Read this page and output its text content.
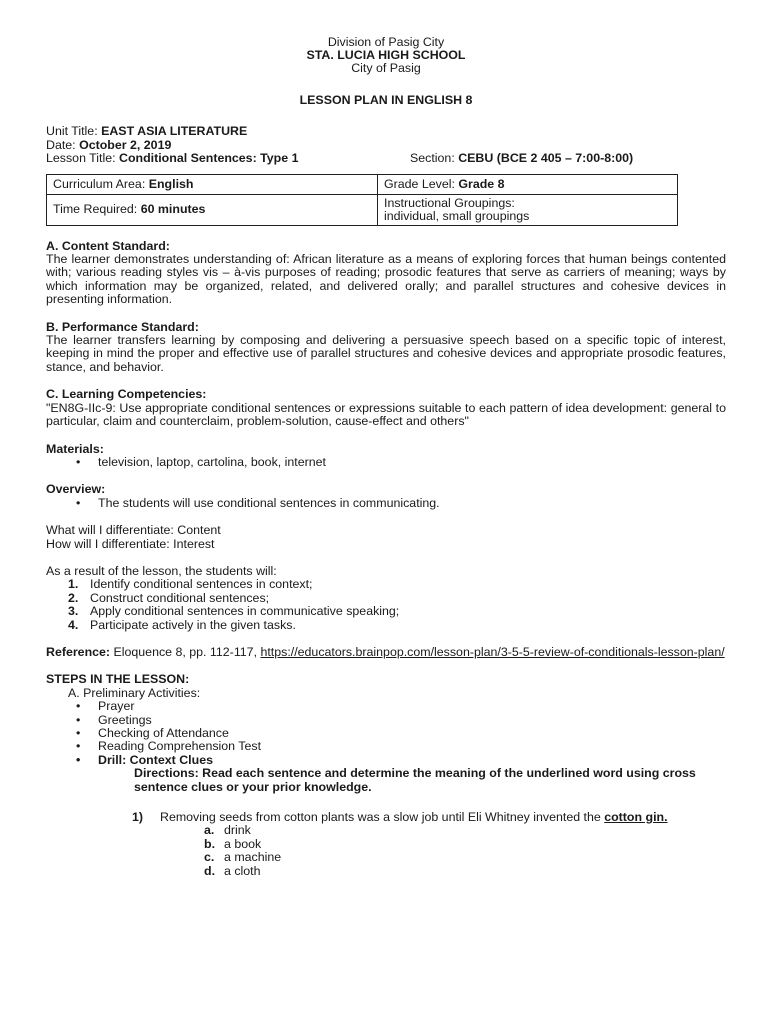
Division of Pasig City
STA. LUCIA HIGH SCHOOL
City of Pasig
LESSON PLAN IN ENGLISH 8
Unit Title: EAST ASIA LITERATURE
Date: October 2, 2019
Lesson Title: Conditional Sentences: Type 1	Section: CEBU (BCE 2 405 – 7:00-8:00)
Curriculum Area: English	Grade Level: Grade 8
Time Required: 60 minutes	Instructional Groupings:
individual, small groupings
A. Content Standard:

The learner demonstrates understanding of: African literature as a means of exploring forces that human beings contented with; various reading styles vis – à-vis purposes of reading; prosodic features that serve as carriers of meaning; ways by which information may be organized, related, and delivered orally; and parallel structures and cohesive devices in presenting information.

B. Performance Standard:

The learner transfers learning by composing and delivering a persuasive speech based on a specific topic of interest, keeping in mind the proper and effective use of parallel structures and cohesive devices and appropriate prosodic features, stance, and behavior.

C. Learning Competencies:

"EN8G-IIc-9: Use appropriate conditional sentences or expressions suitable to each pattern of idea development: general to particular, claim and counterclaim, problem-solution, cause-effect and others"

Materials:
• television, laptop, cartolina, book, internet
Overview:
• The students will use conditional sentences in communicating.
What will I differentiate: Content
How will I differentiate: Interest
As a result of the lesson, the students will:
1. Identify conditional sentences in context;
2. Construct conditional sentences;
3. Apply conditional sentences in communicative speaking;
4. Participate actively in the given tasks.
Reference: Eloquence 8, pp. 112-117, https://educators.brainpop.com/lesson-plan/3-5-5-review-of-conditionals-lesson-plan/
STEPS IN THE LESSON:
A. Preliminary Activities:
• Prayer
• Greetings
• Checking of Attendance
• Reading Comprehension Test
• Drill: Context Clues
Directions: Read each sentence and determine the meaning of the underlined word using cross sentence clues or your prior knowledge.
1)	Removing seeds from cotton plants was a slow job until Eli Whitney invented the cotton gin.
a. drink
b. a book
c. a machine
d. a cloth
